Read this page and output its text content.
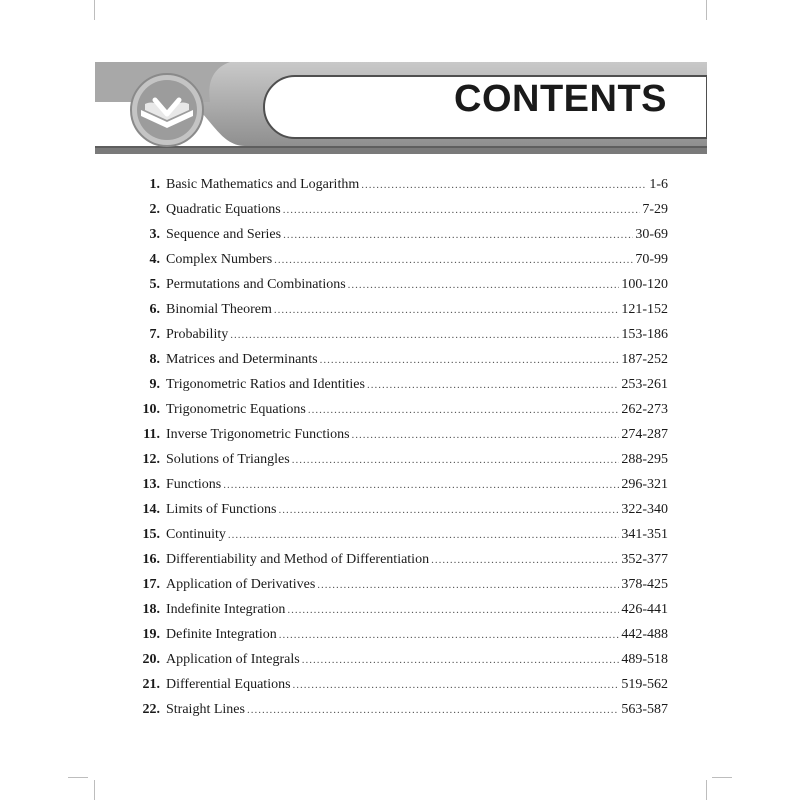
CONTENTS
1. Basic Mathematics and Logarithm .....	1-6
2. Quadratic Equations .....	7-29
3. Sequence and Series .....	30-69
4. Complex Numbers .....	70-99
5. Permutations and Combinations .....	100-120
6. Binomial Theorem .....	121-152
7. Probability .....	153-186
8. Matrices and Determinants .....	187-252
9. Trigonometric Ratios and Identities .....	253-261
10. Trigonometric Equations .....	262-273
11. Inverse Trigonometric Functions .....	274-287
12. Solutions of Triangles .....	288-295
13. Functions .....	296-321
14. Limits of Functions .....	322-340
15. Continuity .....	341-351
16. Differentiability and Method of Differentiation .....	352-377
17. Application of Derivatives .....	378-425
18. Indefinite Integration .....	426-441
19. Definite Integration .....	442-488
20. Application of Integrals .....	489-518
21. Differential Equations .....	519-562
22. Straight Lines .....	563-587
